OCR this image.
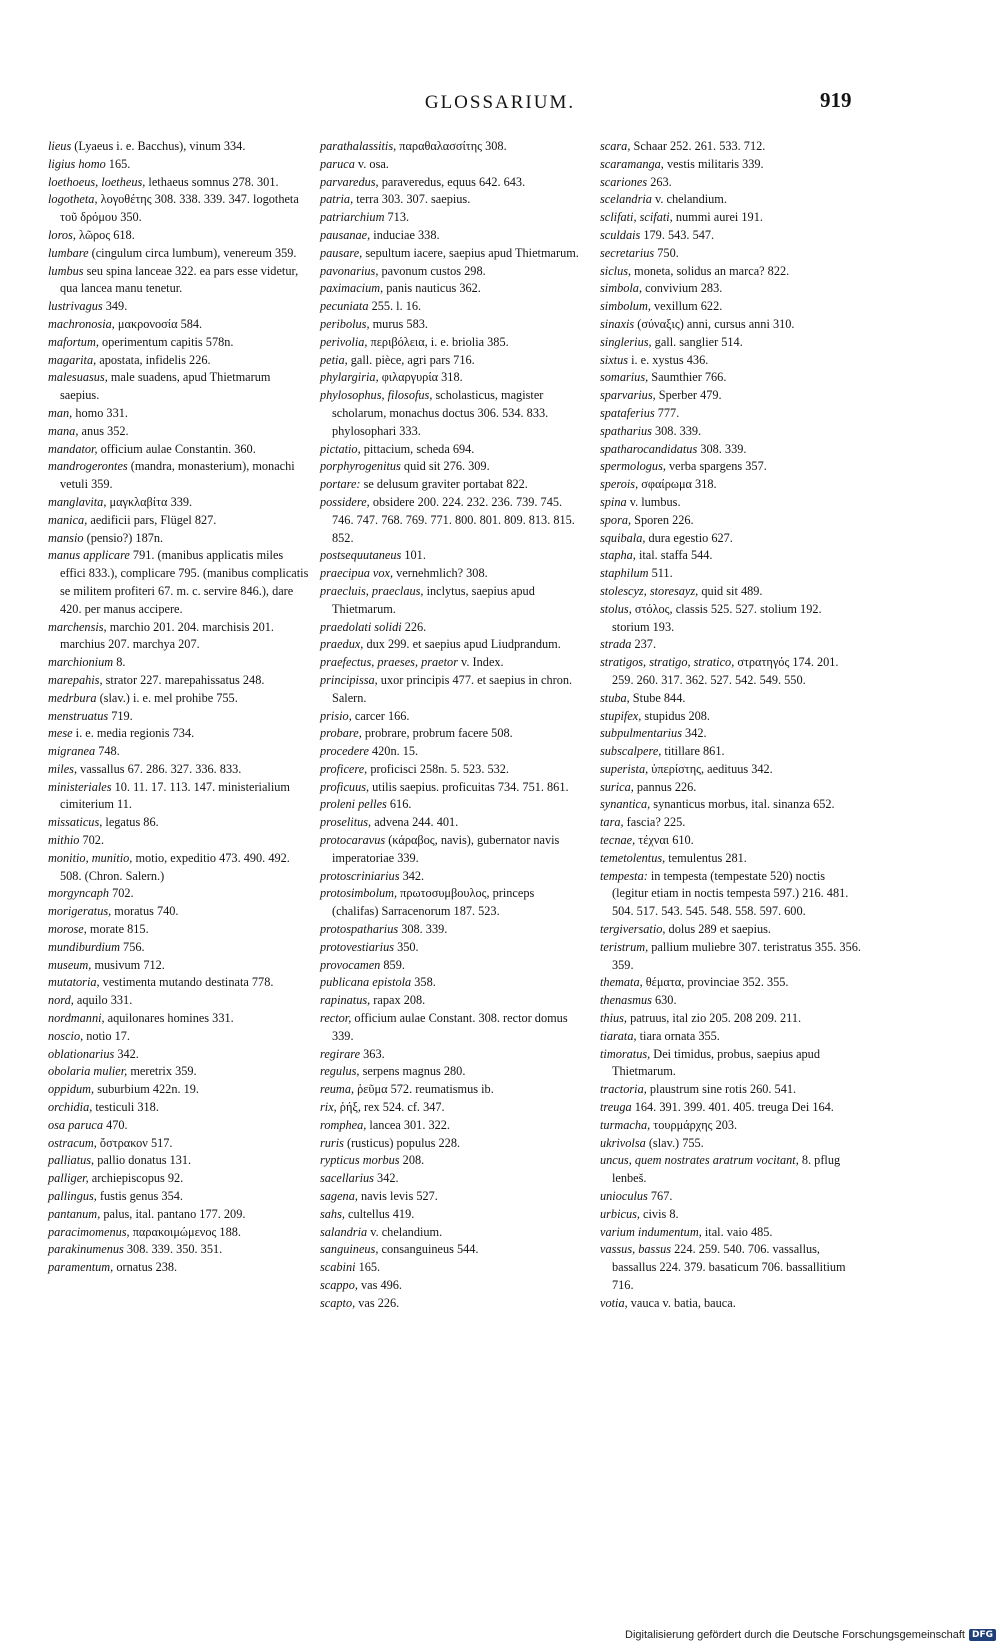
GLOSSARIUM.	919

lieus (Lyaeus i. e. Bacchus), vinum 334.

ligius homo 165.

loethoeus, loetheus, lethaeus somnus 278. 301.

logotheta, λογοθέτης 308. 338. 339. 347. logotheta τοῦ δρόμου 350.

loros, λῶρος 618.

lumbare (cingulum circa lumbum), venereum 359.

lumbus seu spina lanceae 322. ea pars esse videtur, qua lancea manu tenetur.

lustrivagus 349.

machronosia, μακρονοσία 584.

mafortum, operimentum capitis 578n.

magarita, apostata, infidelis 226.

malesuasus, male suadens, apud Thietmarum saepius.

man, homo 331.

mana, anus 352.

mandator, officium aulae Constantin. 360.

mandrogerontes (mandra, monasterium), monachi vetuli 359.

manglavita, μαγκλαβίτα 339.

manica, aedificii pars, Flügel 827.

mansio (pensio?) 187n.

manus applicare 791. (manibus applicatis miles effici 833.), complicare 795. (manibus complicatis se militem profiteri 67. m. c. servire 846.), dare 420. per manus accipere.

marchensis, marchio 201. 204. marchisis 201. marchius 207. marchya 207.

marchionium 8.

marepahis, strator 227. marepahissatus 248.

medrbura (slav.) i. e. mel prohibe 755.

menstruatus 719.

mese i. e. media regionis 734.

migranea 748.

miles, vassallus 67. 286. 327. 336. 833.

ministeriales 10. 11. 17. 113. 147. ministerialium cimiterium 11.

missaticus, legatus 86.

mithio 702.

monitio, munitio, motio, expeditio 473. 490. 492. 508. (Chron. Salern.)

morgyncaph 702.

morigeratus, moratus 740.

morose, morate 815.

mundiburdium 756.

museum, musivum 712.

mutatoria, vestimenta mutando destinata 778.

nord, aquilo 331.

nordmanni, aquilonares homines 331.

noscio, notio 17.

oblationarius 342.

obolaria mulier, meretrix 359.

oppidum, suburbium 422n. 19.

orchidia, testiculi 318.

osa paruca 470.

ostracum, ὄστρακον 517.

palliatus, pallio donatus 131.

palliger, archiepiscopus 92.

pallingus, fustis genus 354.

pantanum, palus, ital. pantano 177. 209.

paracimomenus, παρακοιμώμενος 188.

parakinumenus 308. 339. 350. 351.

paramentum, ornatus 238.

parathalassitis, παραθαλασσίτης 308.

paruca v. osa.

parvaredus, paraveredus, equus 642. 643.

patria, terra 303. 307. saepius.

patriarchium 713.

pausanae, induciae 338.

pausare, sepultum iacere, saepius apud Thietmarum.

pavonarius, pavonum custos 298.

paximacium, panis nauticus 362.

pecuniata 255. l. 16.

peribolus, murus 583.

perivolia, περιβόλεια, i. e. briolia 385.

petia, gall. pièce, agri pars 716.

phylargiria, φιλαργυρία 318.

phylosophus, filosofus, scholasticus, magister scholarum, monachus doctus 306. 534. 833. phylosophari 333.

pictatio, pittacium, scheda 694.

porphyrogenitus quid sit 276. 309.

portare: se delusum graviter portabat 822.

possidere, obsidere 200. 224. 232. 236. 739. 745. 746. 747. 768. 769. 771. 800. 801. 809. 813. 815. 852.

postsequutaneus 101.

praecipua vox, vernehmlich? 308.

praecluis, praeclaus, inclytus, saepius apud Thietmarum.

praedolati solidi 226.

praedux, dux 299. et saepius apud Liudprandum.

praefectus, praeses, praetor v. Index.

principissa, uxor principis 477. et saepius in chron. Salern.

prisio, carcer 166.

probare, probrare, probrum facere 508.

procedere 420n. 15.

proficere, proficisci 258n. 5. 523. 532.

proficuus, utilis saepius. proficuitas 734. 751. 861.

proleni pelles 616.

proselitus, advena 244. 401.

protocaravus (κάραβος, navis), gubernator navis imperatoriae 339.

protoscriniarius 342.

protosimbolum, πρωτοσυμβουλος, princeps (chalifas) Sarracenorum 187. 523.

protospatharius 308. 339.

protovestiarius 350.

provocamen 859.

publicana epistola 358.

rapinatus, rapax 208.

rector, officium aulae Constant. 308. rector domus 339.

regirare 363.

regulus, serpens magnus 280.

reuma, ῥεῦμα 572. reumatismus ib.

rix, ῥήξ, rex 524. cf. 347.

romphea, lancea 301. 322.

ruris (rusticus) populus 228.

rypticus morbus 208.

sacellarius 342.

sagena, navis levis 527.

sahs, cultellus 419.

salandria v. chelandium.

sanguineus, consanguineus 544.

scabini 165.

scappo, vas 496.

scapto, vas 226.

scara, Schaar 252. 261. 533. 712.

scaramanga, vestis militaris 339.

scariones 263.

scelandria v. chelandium.

sclifati, scifati, nummi aurei 191.

sculdais 179. 543. 547.

secretarius 750.

siclus, moneta, solidus an marca? 822.

simbola, convivium 283.

simbolum, vexillum 622.

sinaxis (σύναξις) anni, cursus anni 310.

singlerius, gall. sanglier 514.

sixtus i. e. xystus 436.

somarius, Saumthier 766.

sparvarius, Sperber 479.

spataferius 777.

spatharius 308. 339.

spatharocandidatus 308. 339.

spermologus, verba spargens 357.

sperois, σφαίρωμα 318.

spina v. lumbus.

spora, Sporen 226.

squibala, dura egestio 627.

stapha, ital. staffa 544.

staphilum 511.

stolescyz, storesayz, quid sit 489.

stolus, στόλος, classis 525. 527. stolium 192. storium 193.

strada 237.

stratigos, stratigo, stratico, στρατηγός 174. 201. 259. 260. 317. 362. 527. 542. 549. 550.

stuba, Stube 844.

stupifex, stupidus 208.

subpulmentarius 342.

subscalpere, titillare 861.

superista, ὑπερίστης, aedituus 342.

surica, pannus 226.

synantica, synanticus morbus, ital. sinanza 652.

tara, fascia? 225.

tecnae, τέχναι 610.

temetolentus, temulentus 281.

tempesta: in tempesta (tempestate 520) noctis (legitur etiam in noctis tempesta 597.) 216. 481. 504. 517. 543. 545. 548. 558. 597. 600.

tergiversatio, dolus 289 et saepius.

teristrum, pallium muliebre 307. teristratus 355. 356. 359.

themata, θέματα, provinciae 352. 355.

thenasmus 630.

thius, patruus, ital zio 205. 208 209. 211.

tiarata, tiara ornata 355.

timoratus, Dei timidus, probus, saepius apud Thietmarum.

tractoria, plaustrum sine rotis 260. 541.

treuga 164. 391. 399. 401. 405. treuga Dei 164.

turmacha, τουρμάρχης 203.

ukrivolsa (slav.) 755.

uncus, quem nostrates aratrum vocitant, 8. pflug lenbeš.

unioculus 767.

urbicus, civis 8.

varium indumentum, ital. vaio 485.

vassus, bassus 224. 259. 540. 706. vassallus, bassallus 224. 379. basaticum 706. bassallitium 716.

votia, vauca v. batia, bauca.

Digitalisierung gefördert durch die Deutsche Forschungsgemeinschaft DFG
